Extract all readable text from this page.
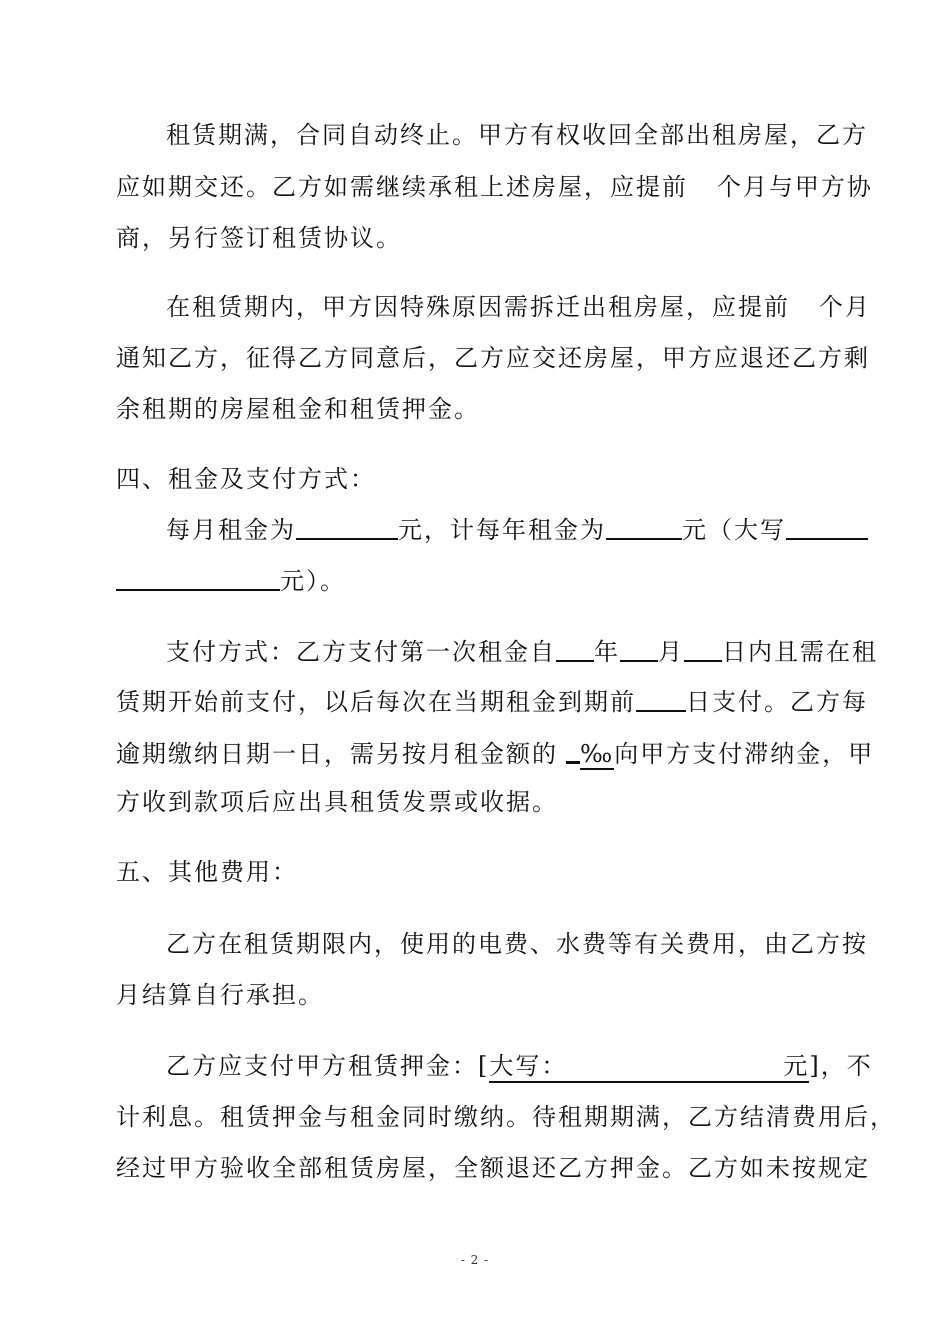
租赁期满，合同自动终止。甲方有权收回全部出租房屋，乙方
应如期交还。乙方如需继续承租上述房屋，应提前   个月与甲方协
商，另行签订租赁协议。
在租赁期内，甲方因特殊原因需拆迁出租房屋，应提前   个月
通知乙方，征得乙方同意后，乙方应交还房屋，甲方应退还乙方剩
余租期的房屋租金和租赁押金。
四、租金及支付方式：
每月租金为	元，计每年租金为	元（大写
元）。
支付方式：乙方支付第一次租金自 年 月 日内且需在租
赁期开始前支付，以后每次在当期租金到期前 日支付。乙方每
逾期缴纳日期一日，需另按月租金额的 ‰向甲方支付滞纳金，甲
方收到款项后应出具租赁发票或收据。
五、其他费用：
乙方在租赁期限内，使用的电费、水费等有关费用，由乙方按
月结算自行承担。
乙方应支付甲方租赁押金：[大写：	元]，不
计利息。租赁押金与租金同时缴纳。待租期期满，乙方结清费用后，
经过甲方验收全部租赁房屋，全额退还乙方押金。乙方如未按规定
- 2 -
